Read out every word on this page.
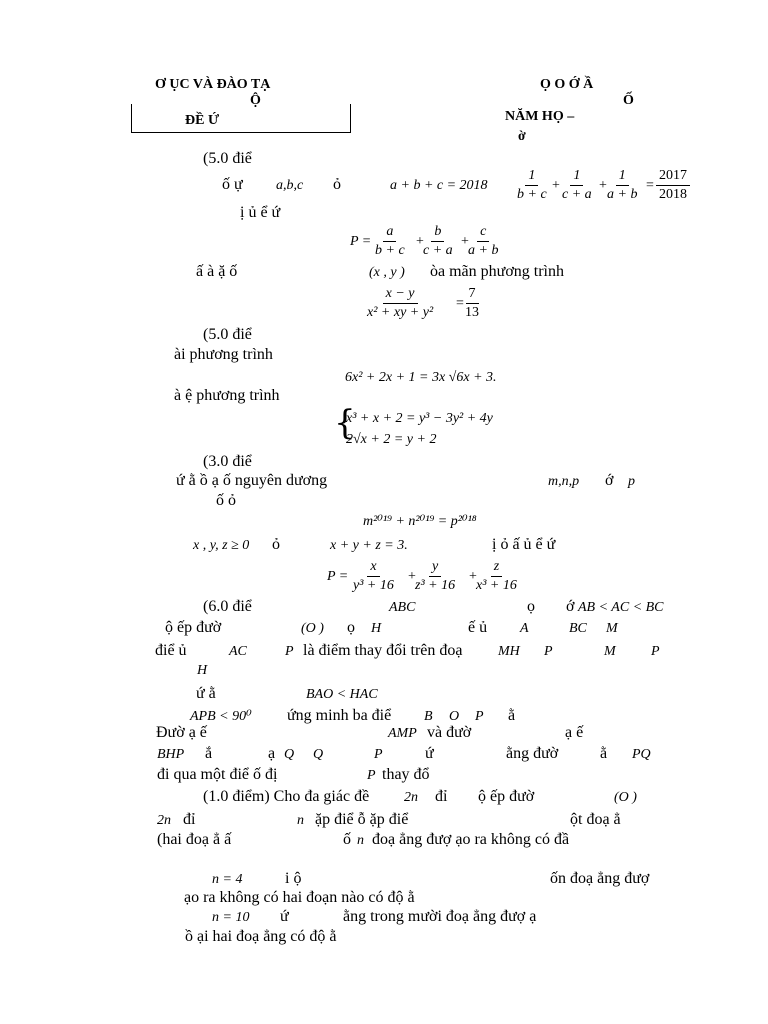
Ơ ỤC VÀ ĐÀO TẠ
Ộ
ĐỀ Ứ
Ọ O Ớ Ầ
Ố
NĂM HỌ –
ờ
(5.0 điể
ố ự a,b,c ỏ	$a + b + c = 2018 \frac{1}{b + c} + \frac{1}{c + a} + \frac{1}{a + b} = \frac{2017}{2018}$
ị ủ ể ứ
$P = \frac{a}{b + c} + \frac{b}{c + a} + \frac{c}{a + b}$
ấ à ặ ố	(x , y ) òa mãn phương trình
$\frac{x - y}{\text{x² + xy + y²}} = \frac{7}{13}$
(5.0 điể
ài phương trình
6x² + 2x + 1 = 3x √6x + 3.
à ệ phương trình
{
x³ + x + 2 = y³ − 3y² + 4y
2√x + 2 = y + 2
(3.0 điể
ứ ằ ồ ạ ố nguyên dương	m,n,p ớ p
ố ỏ
m²⁰¹⁹ + n²⁰¹⁹ = p²⁰¹⁸
x , y, z ≥ 0 ỏ	x + y + z = 3.	ị ỏ ấ ủ ể ứ
$P = \frac{x}{\text{y³ + 16}} + \frac{y}{\text{z³ + 16}} + \frac{z}{\text{x³ + 16}}$
(6.0 điể	ABC	ọ ớ AB < AC < BC
ộ ếp đườ	(O ) ọ H	ế ủ A	BC M
điể ủ	AC	P là điểm thay đổi trên đoạ	MH P	M	P
H
ứ ằ	BAO < HAC
APB < 90⁰ ứng minh ba điể B O P ằ
Đườ ạ ế	AMP và đườ	ạ ế
BHP ắ	ạ Q Q	P	ứ	ằng đườ	ằ PQ
đi qua một điể ố đị	P thay đổ
(1.0 điểm) Cho đa giác đề 2n đỉ ộ ếp đườ	(O )
2n đỉ	n ặp điể ỗ ặp điể	ột đoạ ẳ
(hai đoạ ẳ ấ	ố n đoạ ẳng đượ ạo ra không có đầ
n = 4	i ộ	ốn đoạ ẳng đượ
ạo ra không có hai đoạn nào có độ ằ
n = 10 ứ	ằng trong mười đoạ ẳng đượ ạ
ồ ại hai đoạ ẳng có độ ằ
